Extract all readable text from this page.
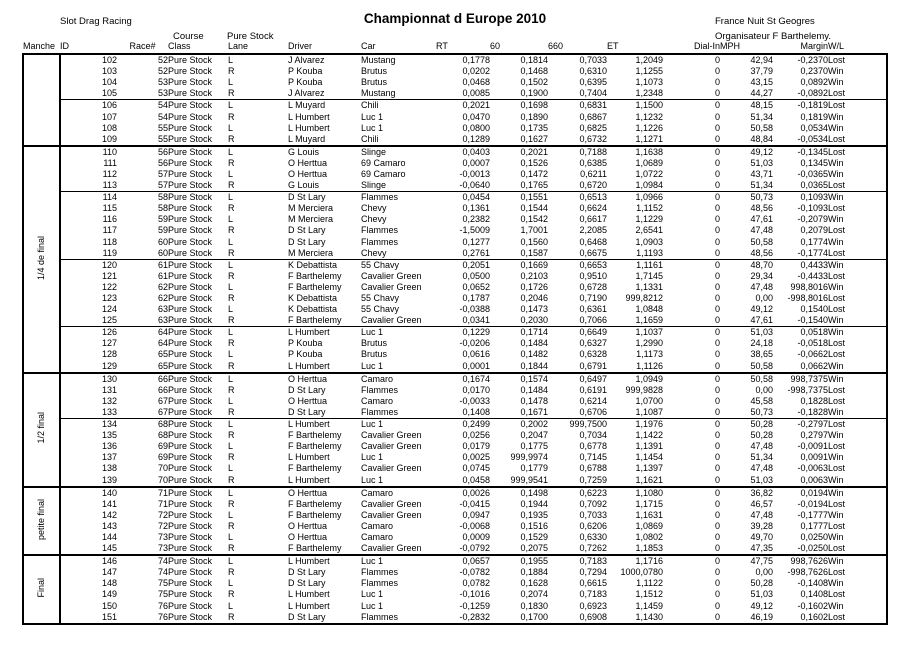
Slot Drag Racing	Championnat d Europe 2010
Course Pure Stock
France Nuit St Geogres
Organisateur F Barthelemy.
Manche	ID	Race#	Class	Lane	Driver	Car	RT	60	660	ET	Dial-In	MPH	Margin	W/L
	102	52	Pure Stock	L	J Alvarez	Mustang	0,1778	0,1814	0,7033	1,2049	0	42,94	-0,2370	Lost
	103	52	Pure Stock	R	P Kouba	Brutus	0,0202	0,1468	0,6310	1,1255	0	37,79	0,2370	Win
	104	53	Pure Stock	L	P Kouba	Brutus	0,0468	0,1502	0,6395	1,1073	0	43,15	0,0892	Win
	105	53	Pure Stock	R	J Alvarez	Mustang	0,0085	0,1900	0,7404	1,2348	0	44,27	-0,0892	Lost
	106	54	Pure Stock	L	L Muyard	Chili	0,2021	0,1698	0,6831	1,1500	0	48,15	-0,1819	Lost
	107	54	Pure Stock	R	L Humbert	Luc 1	0,0470	0,1890	0,6867	1,1232	0	51,34	0,1819	Win
	108	55	Pure Stock	L	L Humbert	Luc 1	0,0800	0,1735	0,6825	1,1226	0	50,58	0,0534	Win
	109	55	Pure Stock	R	L Muyard	Chili	0,1289	0,1627	0,6732	1,1271	0	48,84	-0,0534	Lost
1/4 de final	110	56	Pure Stock	L	G Louis	Slinge	0,0403	0,2021	0,7188	1,1638	0	49,12	-0,1345	Lost
	111	56	Pure Stock	R	O Herttua	69 Camaro	0,0007	0,1526	0,6385	1,0689	0	51,03	0,1345	Win
	112	57	Pure Stock	L	O Herttua	69 Camaro	-0,0013	0,1472	0,6211	1,0722	0	43,71	-0,0365	Win
	113	57	Pure Stock	R	G Louis	Slinge	-0,0640	0,1765	0,6720	1,0984	0	51,34	0,0365	Lost
	114	58	Pure Stock	L	D St Lary	Flammes	0,0454	0,1551	0,6513	1,0966	0	50,73	0,1093	Win
	115	58	Pure Stock	R	M Merciera	Chevy	0,1361	0,1544	0,6624	1,1152	0	48,56	-0,1093	Lost
	116	59	Pure Stock	L	M Merciera	Chevy	0,2382	0,1542	0,6617	1,1229	0	47,61	-0,2079	Win
	117	59	Pure Stock	R	D St Lary	Flammes	-1,5009	1,7001	2,2085	2,6541	0	47,48	0,2079	Lost
	118	60	Pure Stock	L	D St Lary	Flammes	0,1277	0,1560	0,6468	1,0903	0	50,58	0,1774	Win
	119	60	Pure Stock	R	M Merciera	Chevy	0,2761	0,1587	0,6675	1,1193	0	48,56	-0,1774	Lost
	120	61	Pure Stock	L	K Debattista	55 Chavy	0,2051	0,1669	0,6653	1,1161	0	48,70	0,4433	Win
	121	61	Pure Stock	R	F Barthelemy	Cavalier Green	0,0500	0,2103	0,9510	1,7145	0	29,34	-0,4433	Lost
	122	62	Pure Stock	L	F Barthelemy	Cavalier Green	0,0652	0,1726	0,6728	1,1331	0	47,48	998,8016	Win
	123	62	Pure Stock	R	K Debattista	55 Chavy	0,1787	0,2046	0,7190	999,8212	0	0,00	-998,8016	Lost
	124	63	Pure Stock	L	K Debattista	55 Chavy	-0,0388	0,1473	0,6361	1,0848	0	49,12	0,1540	Lost
	125	63	Pure Stock	R	F Barthelemy	Cavalier Green	0,0341	0,2030	0,7066	1,1659	0	47,61	-0,1540	Win
	126	64	Pure Stock	L	L Humbert	Luc 1	0,1229	0,1714	0,6649	1,1037	0	51,03	0,0518	Win
	127	64	Pure Stock	R	P Kouba	Brutus	-0,0206	0,1484	0,6327	1,2990	0	24,18	-0,0518	Lost
	128	65	Pure Stock	L	P Kouba	Brutus	0,0616	0,1482	0,6328	1,1173	0	38,65	-0,0662	Lost
	129	65	Pure Stock	R	L Humbert	Luc 1	0,0001	0,1844	0,6791	1,1126	0	50,58	0,0662	Win
1/2 final	130	66	Pure Stock	L	O Herttua	Camaro	0,1674	0,1574	0,6497	1,0949	0	50,58	998,7375	Win
	131	66	Pure Stock	R	D St Lary	Flammes	0,0170	0,1484	0,6191	999,9828	0	0,00	-998,7375	Lost
	132	67	Pure Stock	L	O Herttua	Camaro	-0,0033	0,1478	0,6214	1,0700	0	45,58	0,1828	Lost
	133	67	Pure Stock	R	D St Lary	Flammes	0,1408	0,1671	0,6706	1,1087	0	50,73	-0,1828	Win
	134	68	Pure Stock	L	L Humbert	Luc 1	0,2499	0,2002	999,7500	1,1976	0	50,28	-0,2797	Lost
	135	68	Pure Stock	R	F Barthelemy	Cavalier Green	0,0256	0,2047	0,7034	1,1422	0	50,28	0,2797	Win
	136	69	Pure Stock	L	F Barthelemy	Cavalier Green	0,0179	0,1775	0,6778	1,1391	0	47,48	-0,0091	Lost
	137	69	Pure Stock	R	L Humbert	Luc 1	0,0025	999,9974	0,7145	1,1454	0	51,34	0,0091	Win
	138	70	Pure Stock	L	F Barthelemy	Cavalier Green	0,0745	0,1779	0,6788	1,1397	0	47,48	-0,0063	Lost
	139	70	Pure Stock	R	L Humbert	Luc 1	0,0458	999,9541	0,7259	1,1621	0	51,03	0,0063	Win
petite final	140	71	Pure Stock	L	O Herttua	Camaro	0,0026	0,1498	0,6223	1,1080	0	36,82	0,0194	Win
	141	71	Pure Stock	R	F Barthelemy	Cavalier Green	-0,0415	0,1944	0,7092	1,1715	0	46,57	-0,0194	Lost
	142	72	Pure Stock	L	F Barthelemy	Cavalier Green	0,0947	0,1935	0,7033	1,1631	0	47,48	-0,1777	Win
	143	72	Pure Stock	R	O Herttua	Camaro	-0,0068	0,1516	0,6206	1,0869	0	39,28	0,1777	Lost
	144	73	Pure Stock	L	O Herttua	Camaro	0,0009	0,1529	0,6330	1,0802	0	49,70	0,0250	Win
	145	73	Pure Stock	R	F Barthelemy	Cavalier Green	-0,0792	0,2075	0,7262	1,1853	0	47,35	-0,0250	Lost
Final	146	74	Pure Stock	L	L Humbert	Luc 1	0,0657	0,1955	0,7183	1,1716	0	47,75	998,7626	Win
	147	74	Pure Stock	R	D St Lary	Flammes	-0,0782	0,1884	0,7294	1000,0780	0	0,00	-998,7626	Lost
	148	75	Pure Stock	L	D St Lary	Flammes	0,0782	0,1628	0,6615	1,1122	0	50,28	-0,1408	Win
	149	75	Pure Stock	R	L Humbert	Luc 1	-0,1016	0,2074	0,7183	1,1512	0	51,03	0,1408	Lost
	150	76	Pure Stock	L	L Humbert	Luc 1	-0,1259	0,1830	0,6923	1,1459	0	49,12	-0,1602	Win
	151	76	Pure Stock	R	D St Lary	Flammes	-0,2832	0,1700	0,6908	1,1430	0	46,19	0,1602	Lost
